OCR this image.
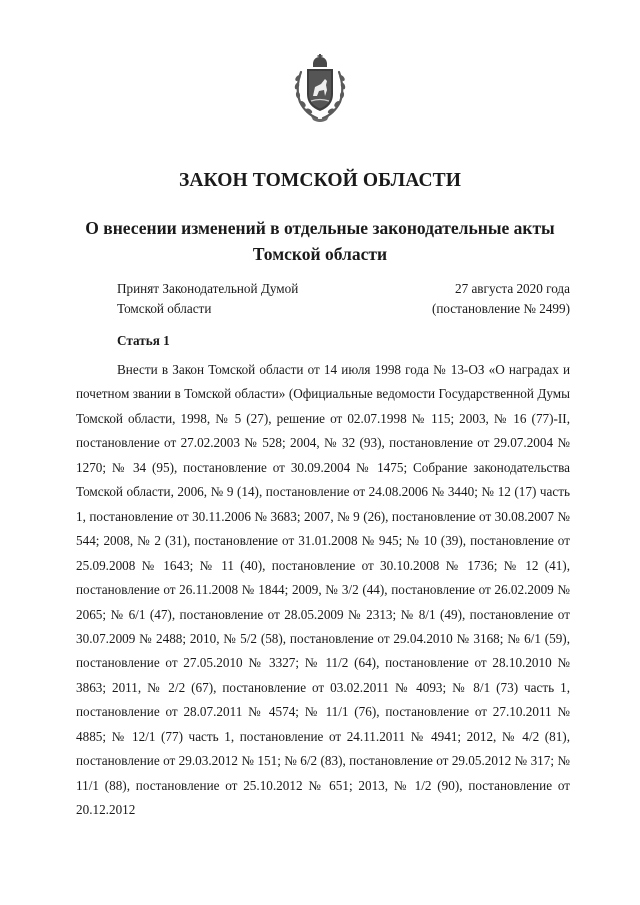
ЗАКОН ТОМСКОЙ ОБЛАСТИ
О внесении изменений в отдельные законодательные акты Томской области
Принят Законодательной Думой
Томской области
27 августа 2020 года
(постановление № 2499)
Статья 1

Внести в Закон Томской области от 14 июля 1998 года № 13-ОЗ «О наградах и почетном звании в Томской области» (Официальные ведомости Государственной Думы Томской области, 1998, № 5 (27), решение от 02.07.1998 № 115; 2003, № 16 (77)-II, постановление от 27.02.2003 № 528; 2004, № 32 (93), постановление от 29.07.2004 № 1270; № 34 (95), постановление от 30.09.2004 № 1475; Собрание законодательства Томской области, 2006, № 9 (14), постановление от 24.08.2006 № 3440; № 12 (17) часть 1, постановление от 30.11.2006 № 3683; 2007, № 9 (26), постановление от 30.08.2007 № 544; 2008, № 2 (31), постановление от 31.01.2008 № 945; № 10 (39), постановление от 25.09.2008 № 1643; № 11 (40), постановление от 30.10.2008 № 1736; № 12 (41), постановление от 26.11.2008 № 1844; 2009, № 3/2 (44), постановление от 26.02.2009 № 2065; № 6/1 (47), постановление от 28.05.2009 № 2313; № 8/1 (49), постановление от 30.07.2009 № 2488; 2010, № 5/2 (58), постановление от 29.04.2010 № 3168; № 6/1 (59), постановление от 27.05.2010 № 3327; № 11/2 (64), постановление от 28.10.2010 № 3863; 2011, № 2/2 (67), постановление от 03.02.2011 № 4093; № 8/1 (73) часть 1, постановление от 28.07.2011 № 4574; № 11/1 (76), постановление от 27.10.2011 № 4885; № 12/1 (77) часть 1, постановление от 24.11.2011 № 4941; 2012, № 4/2 (81), постановление от 29.03.2012 № 151; № 6/2 (83), постановление от 29.05.2012 № 317; № 11/1 (88), постановление от 25.10.2012 № 651; 2013, № 1/2 (90), постановление от 20.12.2012
